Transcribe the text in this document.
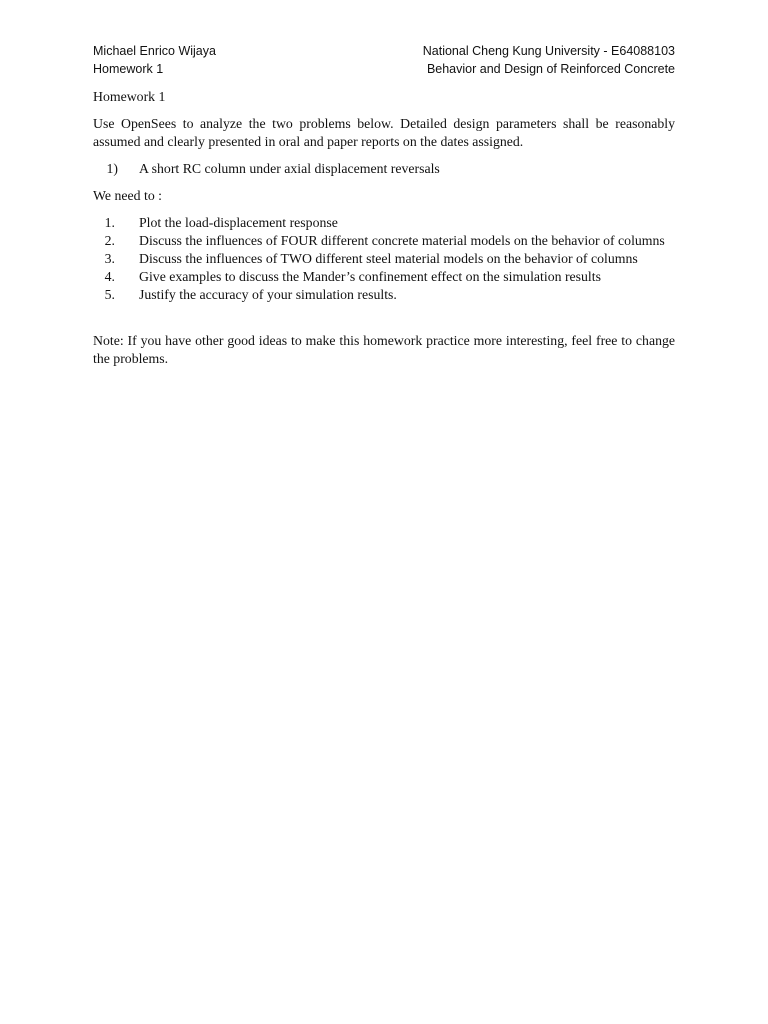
Michael Enrico Wijaya	National Cheng Kung University - E64088103
Homework 1	Behavior and Design of Reinforced Concrete

Homework 1

Use OpenSees to analyze the two problems below. Detailed design parameters shall be reasonably assumed and clearly presented in oral and paper reports on the dates assigned.

1) A short RC column under axial displacement reversals

We need to :

1. Plot the load-displacement response
2. Discuss the influences of FOUR different concrete material models on the behavior of columns
3. Discuss the influences of TWO different steel material models on the behavior of columns
4. Give examples to discuss the Mander’s confinement effect on the simulation results
5. Justify the accuracy of your simulation results.

Note: If you have other good ideas to make this homework practice more interesting, feel free to change the problems.
